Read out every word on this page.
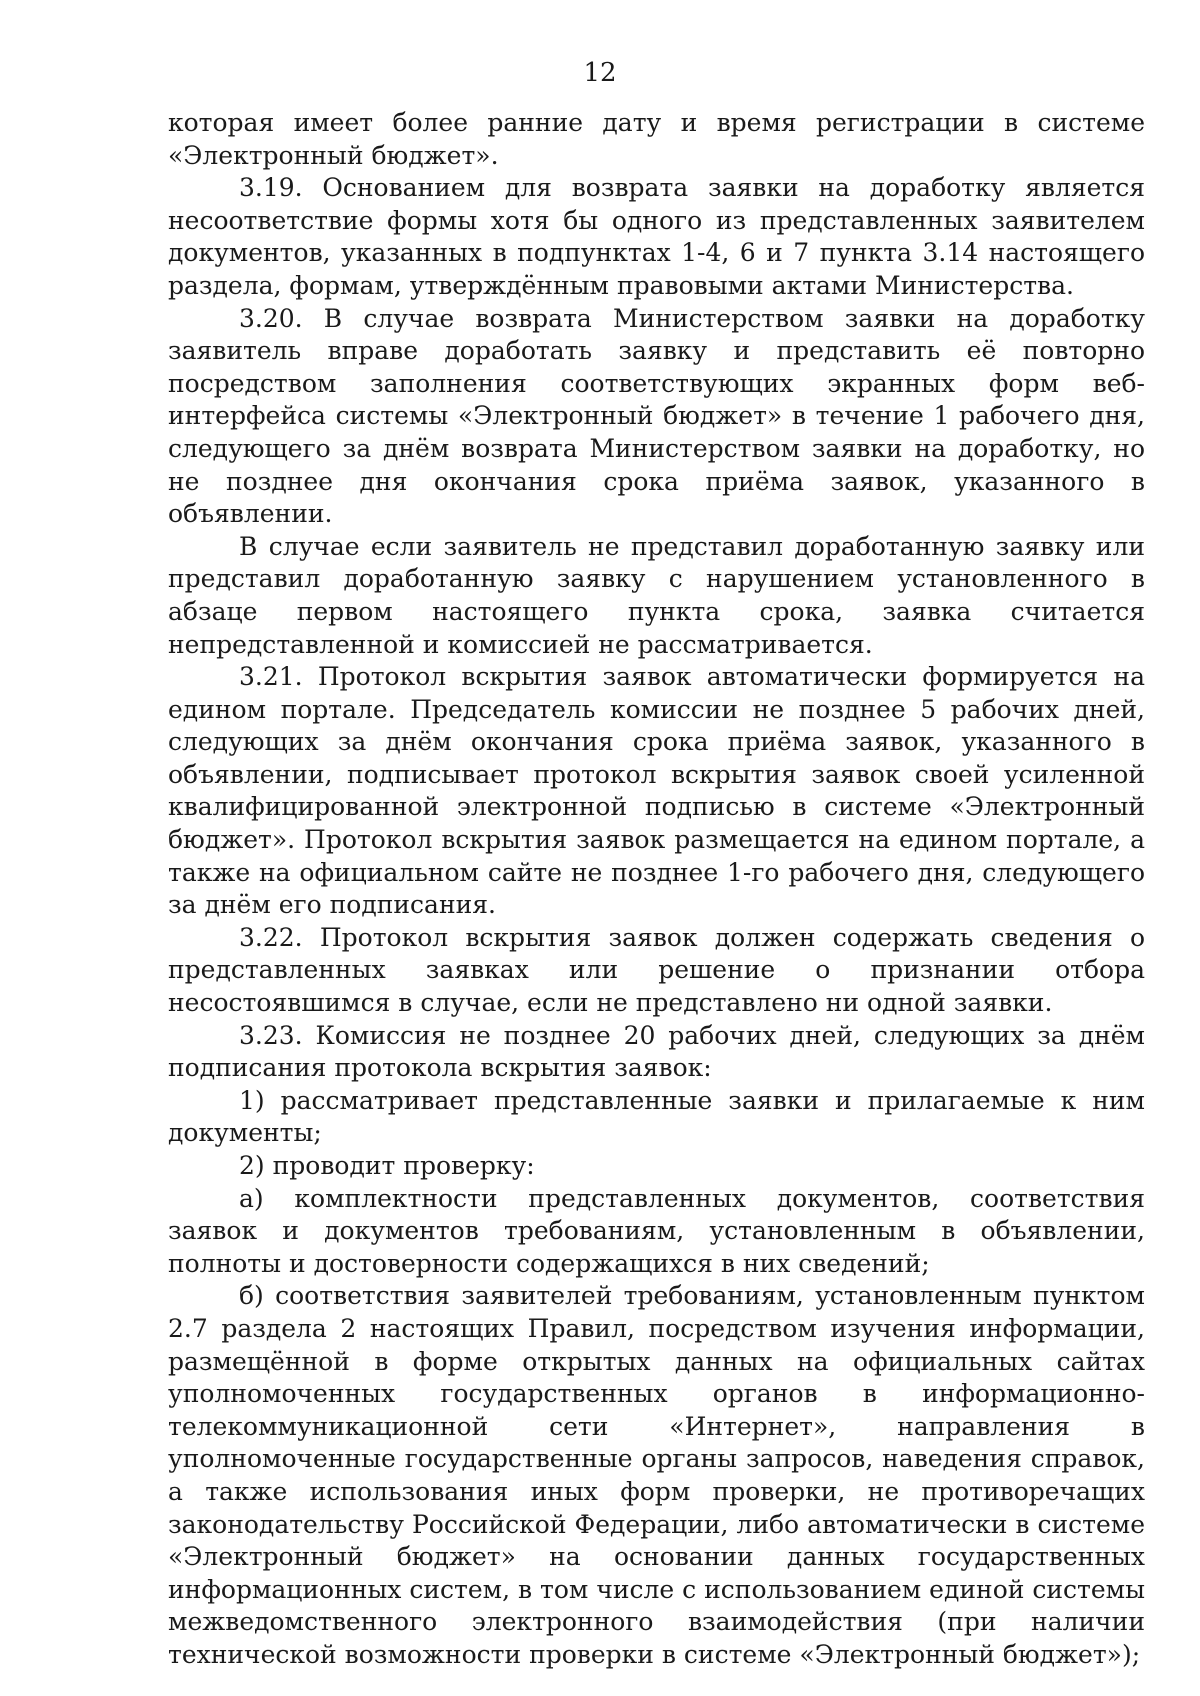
12

которая имеет более ранние дату и время регистрации в системе «Электронный бюджет».

3.19. Основанием для возврата заявки на доработку является несоответствие формы хотя бы одного из представленных заявителем документов, указанных в подпунктах 1-4, 6 и 7 пункта 3.14 настоящего раздела, формам, утверждённым правовыми актами Министерства.

3.20. В случае возврата Министерством заявки на доработку заявитель вправе доработать заявку и представить её повторно посредством заполнения соответствующих экранных форм веб-интерфейса системы «Электронный бюджет» в течение 1 рабочего дня, следующего за днём возврата Министерством заявки на доработку, но не позднее дня окончания срока приёма заявок, указанного в объявлении.

В случае если заявитель не представил доработанную заявку или представил доработанную заявку с нарушением установленного в абзаце первом настоящего пункта срока, заявка считается непредставленной и комиссией не рассматривается.

3.21. Протокол вскрытия заявок автоматически формируется на едином портале. Председатель комиссии не позднее 5 рабочих дней, следующих за днём окончания срока приёма заявок, указанного в объявлении, подписывает протокол вскрытия заявок своей усиленной квалифицированной электронной подписью в системе «Электронный бюджет». Протокол вскрытия заявок размещается на едином портале, а также на официальном сайте не позднее 1-го рабочего дня, следующего за днём его подписания.

3.22. Протокол вскрытия заявок должен содержать сведения о представленных заявках или решение о признании отбора несостоявшимся в случае, если не представлено ни одной заявки.

3.23. Комиссия не позднее 20 рабочих дней, следующих за днём подписания протокола вскрытия заявок:

1) рассматривает представленные заявки и прилагаемые к ним документы;

2) проводит проверку:

а) комплектности представленных документов, соответствия заявок и документов требованиям, установленным в объявлении, полноты и достоверности содержащихся в них сведений;

б) соответствия заявителей требованиям, установленным пунктом 2.7 раздела 2 настоящих Правил, посредством изучения информации, размещённой в форме открытых данных на официальных сайтах уполномоченных государственных органов в информационно-телекоммуникационной сети «Интернет», направления в уполномоченные государственные органы запросов, наведения справок, а также использования иных форм проверки, не противоречащих законодательству Российской Федерации, либо автоматически в системе «Электронный бюджет» на основании данных государственных информационных систем, в том числе с использованием единой системы межведомственного электронного взаимодействия (при наличии технической возможности проверки в системе «Электронный бюджет»);
